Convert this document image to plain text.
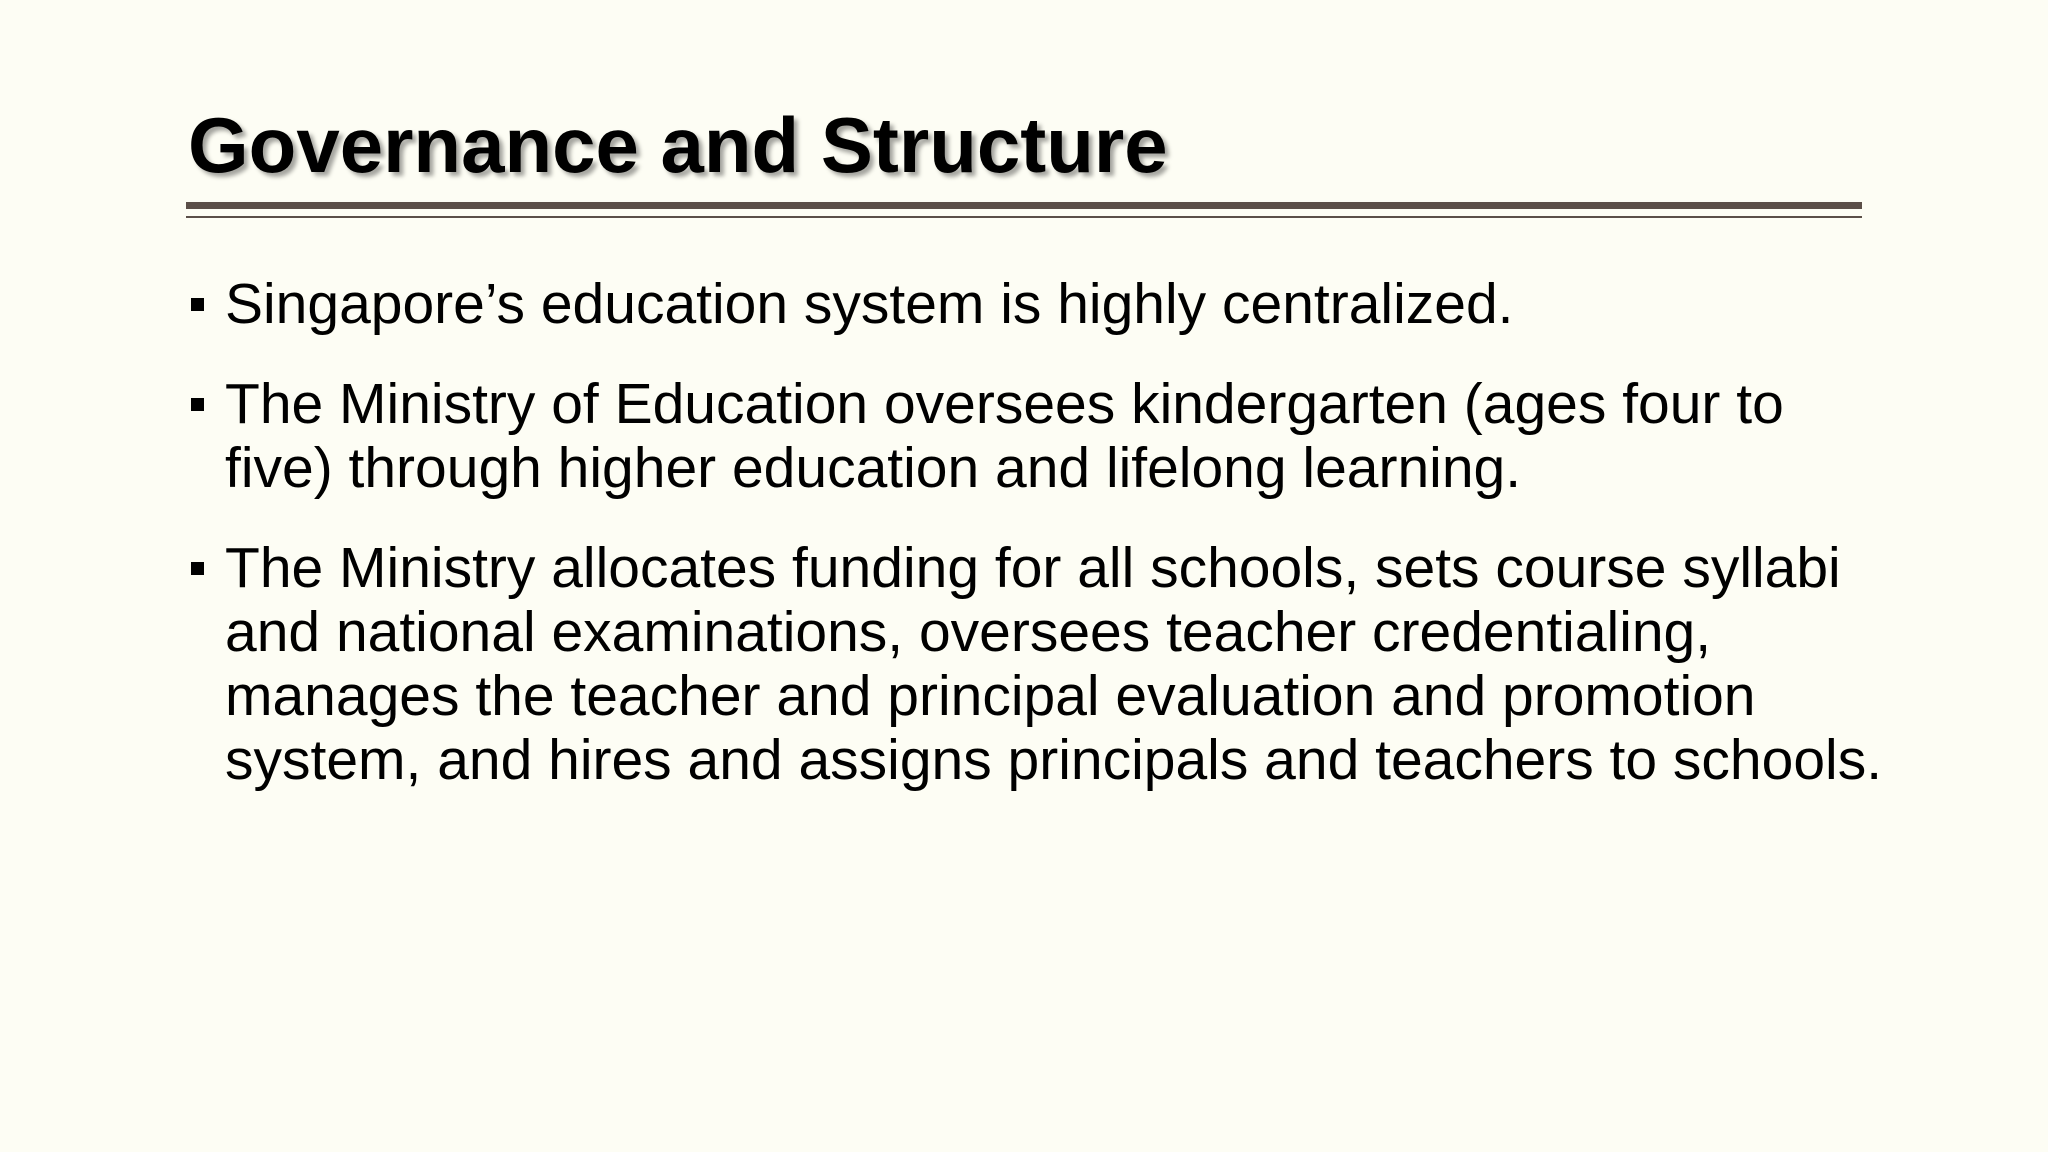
Governance and Structure
Singapore’s education system is highly centralized.
The Ministry of Education oversees kindergarten (ages four to five) through higher education and lifelong learning.
The Ministry allocates funding for all schools, sets course syllabi and national examinations, oversees teacher credentialing, manages the teacher and principal evaluation and promotion system, and hires and assigns principals and teachers to schools.
